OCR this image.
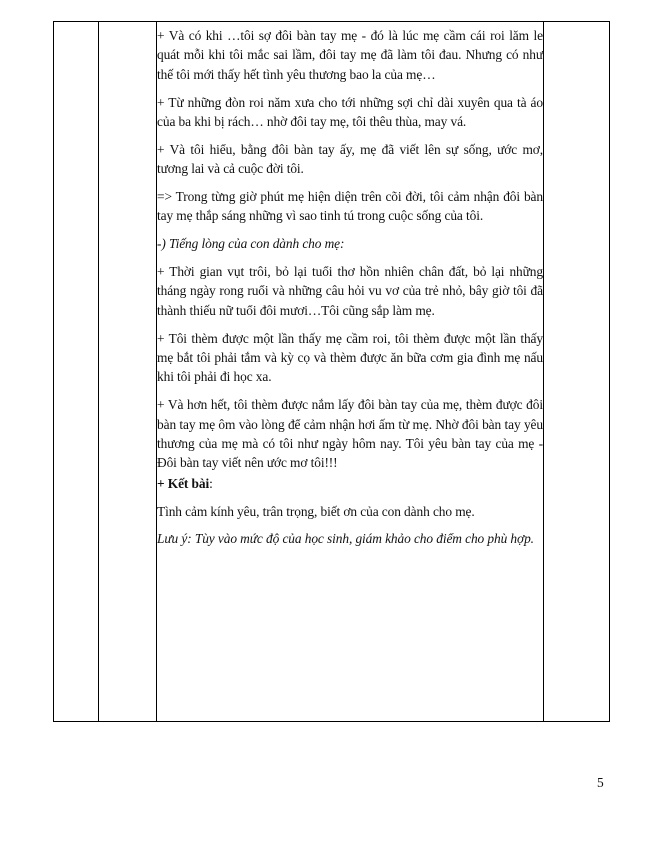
+ Và có khi …tôi sợ đôi bàn tay mẹ - đó là lúc mẹ cầm cái roi lăm le quát mỗi khi tôi mắc sai lầm, đôi tay mẹ đã làm tôi đau. Nhưng có như thế tôi mới thấy hết tình yêu thương bao la của mẹ…

+ Từ những đòn roi năm xưa cho tới những sợi chỉ dài xuyên qua tà áo của ba khi bị rách… nhờ đôi tay mẹ, tôi thêu thùa, may vá.

+ Và tôi hiểu, bằng đôi bàn tay ấy, mẹ đã viết lên sự sống, ước mơ, tương lai và cả cuộc đời tôi.

=> Trong từng giờ phút mẹ hiện diện trên cõi đời, tôi cảm nhận đôi bàn tay mẹ thắp sáng những vì sao tinh tú trong cuộc sống của tôi.

-) Tiếng lòng của con dành cho mẹ:

+ Thời gian vụt trôi, bỏ lại tuổi thơ hồn nhiên chân đất, bỏ lại những tháng ngày rong ruổi và những câu hỏi vu vơ của trẻ nhỏ, bây giờ tôi đã thành thiếu nữ tuổi đôi mươi…Tôi cũng sắp làm mẹ.

+ Tôi thèm được một lần thấy mẹ cầm roi, tôi thèm được một lần thấy mẹ bắt tôi phải tắm và kỳ cọ và thèm được ăn bữa cơm gia đình mẹ nấu khi tôi phải đi học xa.

+ Và hơn hết, tôi thèm được nắm lấy đôi bàn tay của mẹ, thèm được đôi bàn tay mẹ ôm vào lòng để cảm nhận hơi ấm từ mẹ. Nhờ đôi bàn tay yêu thương của mẹ mà có tôi như ngày hôm nay. Tôi yêu bàn tay của mẹ - Đôi bàn tay viết nên ước mơ tôi!!!

+ Kết bài:

Tình cảm kính yêu, trân trọng, biết ơn của con dành cho mẹ.

Lưu ý: Tùy vào mức độ của học sinh, giám khảo cho điểm cho phù hợp.

5
